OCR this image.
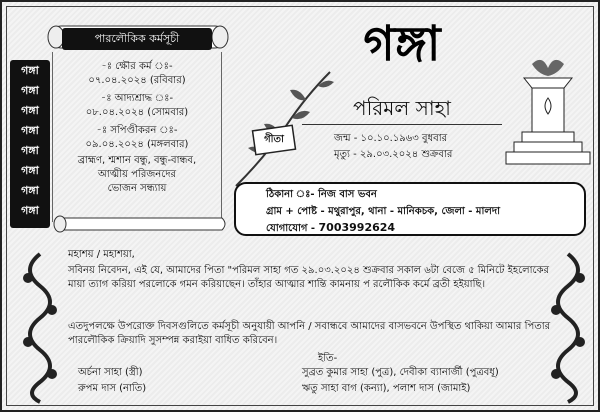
পারলৌকিক কর্মসূচী
গঙ্গা
গঙ্গা
গঙ্গা
গঙ্গা
গঙ্গা
গঙ্গা
গঙ্গা
গঙ্গা
-ঃ ক্ষৌর কর্ম ঃ-
০৭.০৪.২০২৪ (রবিবার)
-ঃ আদ্যশ্রাদ্ধ ঃ-
০৮.০৪.২০২৪ (সোমবার)
-ঃ সপিণ্ডীকরন ঃ-
০৯.০৪.২০২৪ (মঙ্গলবার)
ব্রাহ্মণ, শ্মশান বন্ধু, বন্ধু-বান্ধব,
আত্মীয় পরিজনদের
ভোজন সন্ধ্যায়
গঙ্গা
পরিমল সাহা
জন্ম - ১০.১০.১৯৬৩ বুধবার
মৃত্যু - ২৯.০৩.২০২৪ শুক্রবার
গীতা
ঠিকানা ঃ- নিজ বাস ভবন
গ্রাম + পোষ্ট - মথুরাপুর, থানা - মানিকচক, জেলা - মালদা
যোগাযোগ - 7003992624
মহাশয় / মহাশয়া,
সবিনয় নিবেদন, এই যে, আমাদের পিতা "পরিমল সাহা গত ২৯.০৩.২০২৪ শুক্রবার সকাল ৬টা বেজে ৫ মিনিটে ইহলোকের মায়া ত্যাগ করিয়া পরলোকে গমন করিয়াছেন। তাঁহার আত্মার শান্তি কামনায় প রলৌকিক কর্মে ব্রতী হইয়াছি।
এতদুপলক্ষে উপরোক্ত দিবসগুলিতে কর্মসূচী অনুযায়ী আপনি / সবান্ধবে আমাদের বাসভবনে উপস্থিত থাকিয়া আমার পিতার পারলৌকিক ক্রিয়াদি সুসম্পন্ন করাইয়া বাধিত করিবেন।
ইতি-
সুব্রত কুমার সাহা (পুত্র), দেবীকা ব্যানার্জী (পুত্রবধূ)
ঋতু সাহা বাগ (কন্যা), পলাশ দাস (জামাই)
অর্চনা সাহা (স্ত্রী)
রুপম দাস (নাতি)
